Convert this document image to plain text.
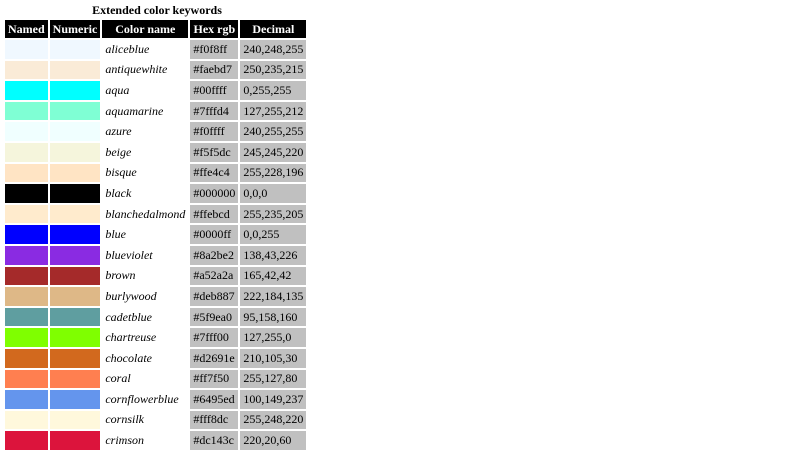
Extended color keywords
Named	Numeric	Color name	Hex rgb	Decimal
		aliceblue	#f0f8ff	240,248,255
		antiquewhite	#faebd7	250,235,215
		aqua	#00ffff	0,255,255
		aquamarine	#7fffd4	127,255,212
		azure	#f0ffff	240,255,255
		beige	#f5f5dc	245,245,220
		bisque	#ffe4c4	255,228,196
		black	#000000	0,0,0
		blanchedalmond	#ffebcd	255,235,205
		blue	#0000ff	0,0,255
		blueviolet	#8a2be2	138,43,226
		brown	#a52a2a	165,42,42
		burlywood	#deb887	222,184,135
		cadetblue	#5f9ea0	95,158,160
		chartreuse	#7fff00	127,255,0
		chocolate	#d2691e	210,105,30
		coral	#ff7f50	255,127,80
		cornflowerblue	#6495ed	100,149,237
		cornsilk	#fff8dc	255,248,220
		crimson	#dc143c	220,20,60
